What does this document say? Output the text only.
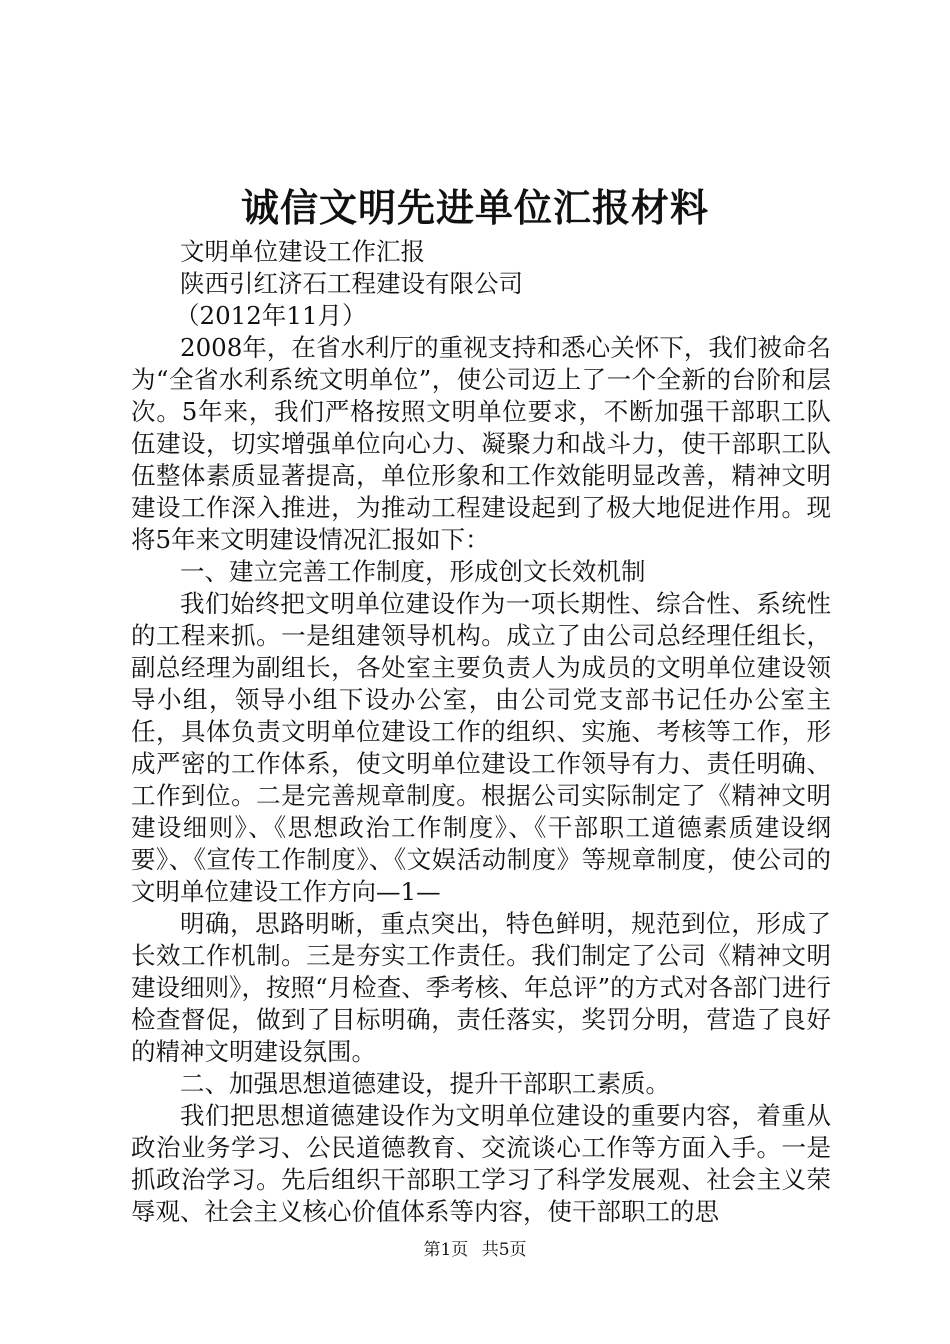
诚信文明先进单位汇报材料

文明单位建设工作汇报

陕西引红济石工程建设有限公司

（2012年11月）

2008年，在省水利厅的重视支持和悉心关怀下，我们被命名为“全省水利系统文明单位”，使公司迈上了一个全新的台阶和层次。5年来，我们严格按照文明单位要求，不断加强干部职工队伍建设，切实增强单位向心力、凝聚力和战斗力，使干部职工队伍整体素质显著提高，单位形象和工作效能明显改善，精神文明建设工作深入推进，为推动工程建设起到了极大地促进作用。现将5年来文明建设情况汇报如下：

一、建立完善工作制度，形成创文长效机制

我们始终把文明单位建设作为一项长期性、综合性、系统性的工程来抓。一是组建领导机构。成立了由公司总经理任组长，副总经理为副组长，各处室主要负责人为成员的文明单位建设领导小组，领导小组下设办公室，由公司党支部书记任办公室主任，具体负责文明单位建设工作的组织、实施、考核等工作，形成严密的工作体系，使文明单位建设工作领导有力、责任明确、工作到位。二是完善规章制度。根据公司实际制定了《精神文明建设细则》、《思想政治工作制度》、《干部职工道德素质建设纲要》、《宣传工作制度》、《文娱活动制度》等规章制度，使公司的文明单位建设工作方向—1—

明确，思路明晰，重点突出，特色鲜明，规范到位，形成了长效工作机制。三是夯实工作责任。我们制定了公司《精神文明建设细则》，按照“月检查、季考核、年总评”的方式对各部门进行检查督促，做到了目标明确，责任落实，奖罚分明，营造了良好的精神文明建设氛围。

二、加强思想道德建设，提升干部职工素质。

我们把思想道德建设作为文明单位建设的重要内容，着重从政治业务学习、公民道德教育、交流谈心工作等方面入手。一是抓政治学习。先后组织干部职工学习了科学发展观、社会主义荣辱观、社会主义核心价值体系等内容，使干部职工的思

第1页 共5页
